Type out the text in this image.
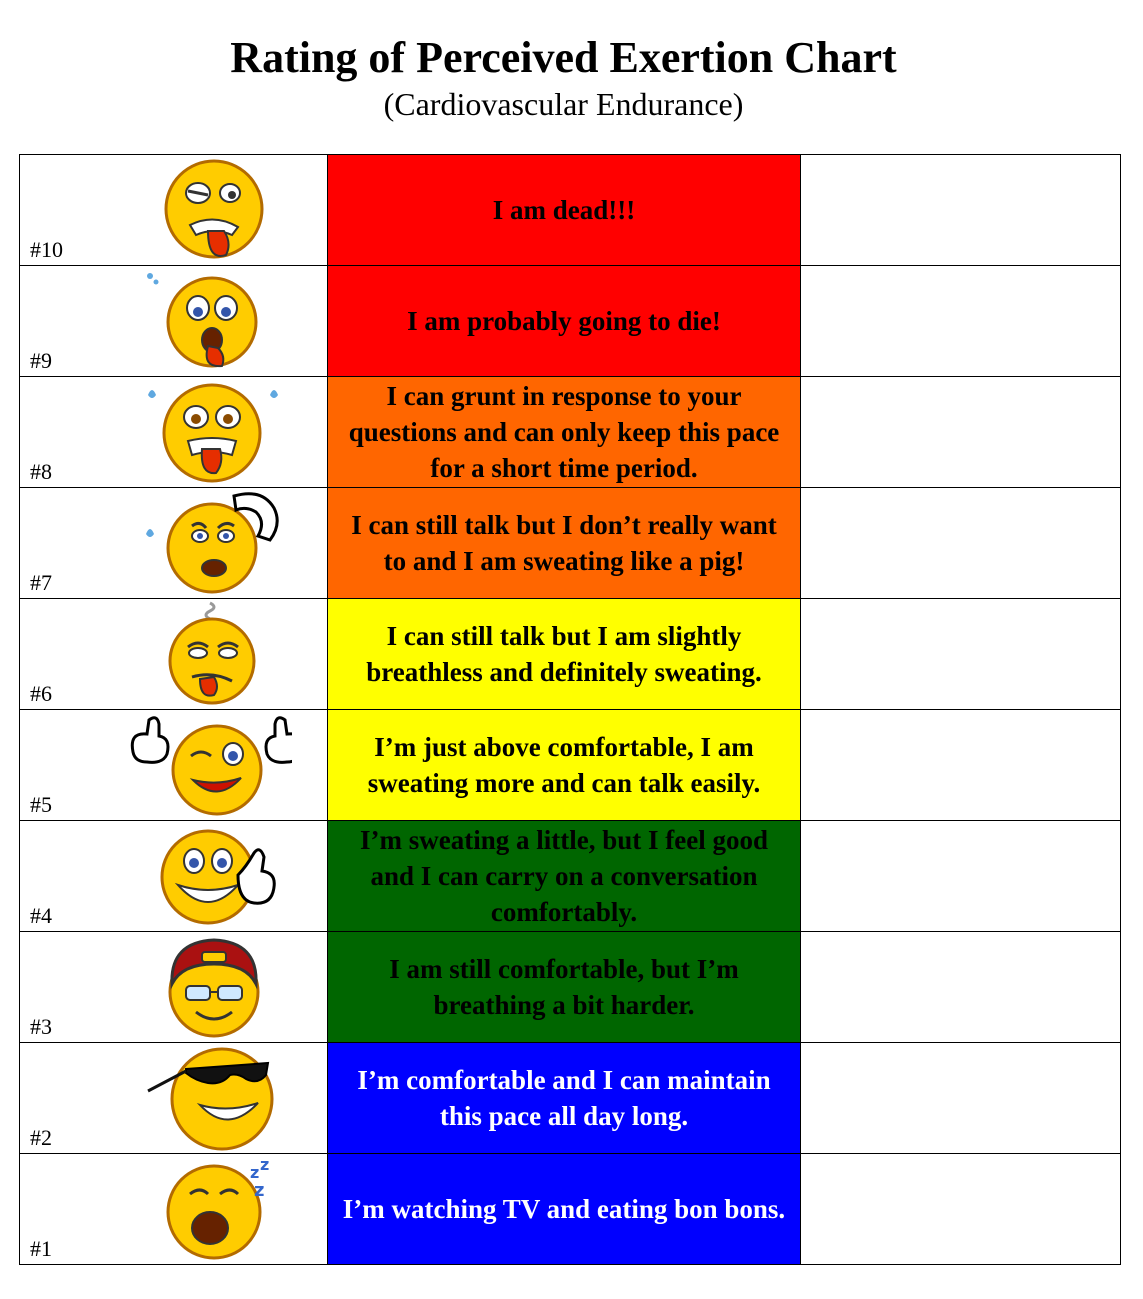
Rating of Perceived Exertion Chart
(Cardiovascular Endurance)
#10	I am dead!!!	

#9	I am probably going to die!	

#8	I can grunt in response to your questions and can only keep this pace for a short time period.	

#7	I can still talk but I don’t really want to and I am sweating like a pig!	

#6	I can still talk but I am slightly breathless and definitely sweating.	

#5	I’m just above comfortable, I am sweating more and can talk easily.	

#4	I’m sweating a little, but I feel good and I can carry on a conversation comfortably.	

#3	I am still comfortable, but I’m breathing a bit harder.	

#2	I’m comfortable and I can maintain this pace all day long.	

z z
z
#1	I’m watching TV and eating bon bons.	
